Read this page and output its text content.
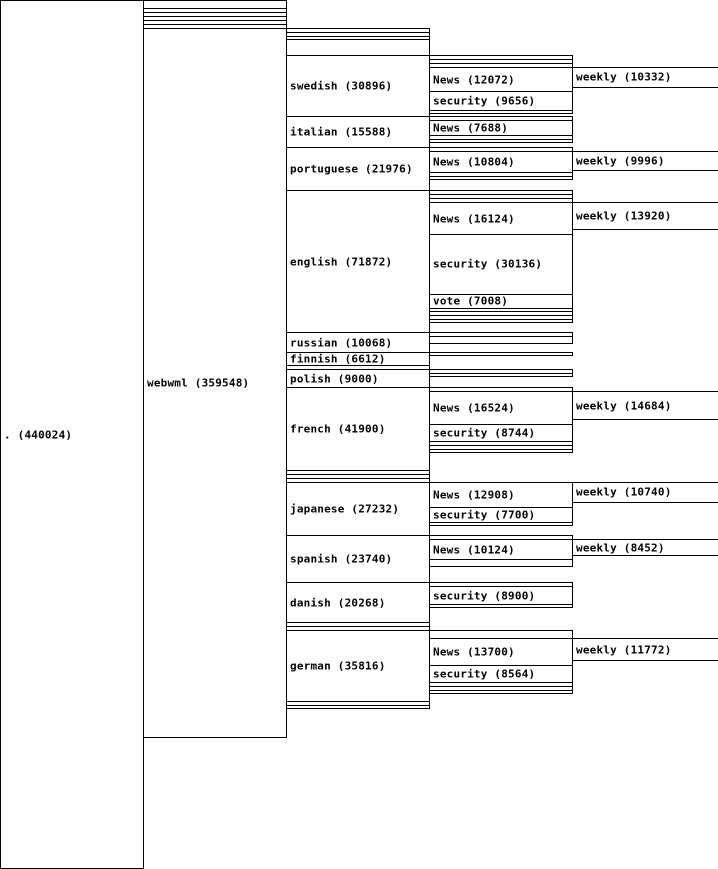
. (440024)
webwml (359548)
swedish (30896)
News (12072)	weekly (10332)
security (9656)
italian (15588)	News (7688)
portuguese (21976)
News (10804)	weekly (9996)
english (71872)
News (16124)	weekly (13920)
security (30136)
vote (7008)
russian (10068)
finnish (6612)
polish (9000)
french (41900)
News (16524)	weekly (14684)
security (8744)
japanese (27232)
News (12908)	weekly (10740)
security (7700)
spanish (23740)
News (10124)	weekly (8452)
danish (20268)
security (8900)
german (35816)
News (13700)	weekly (11772)
security (8564)
